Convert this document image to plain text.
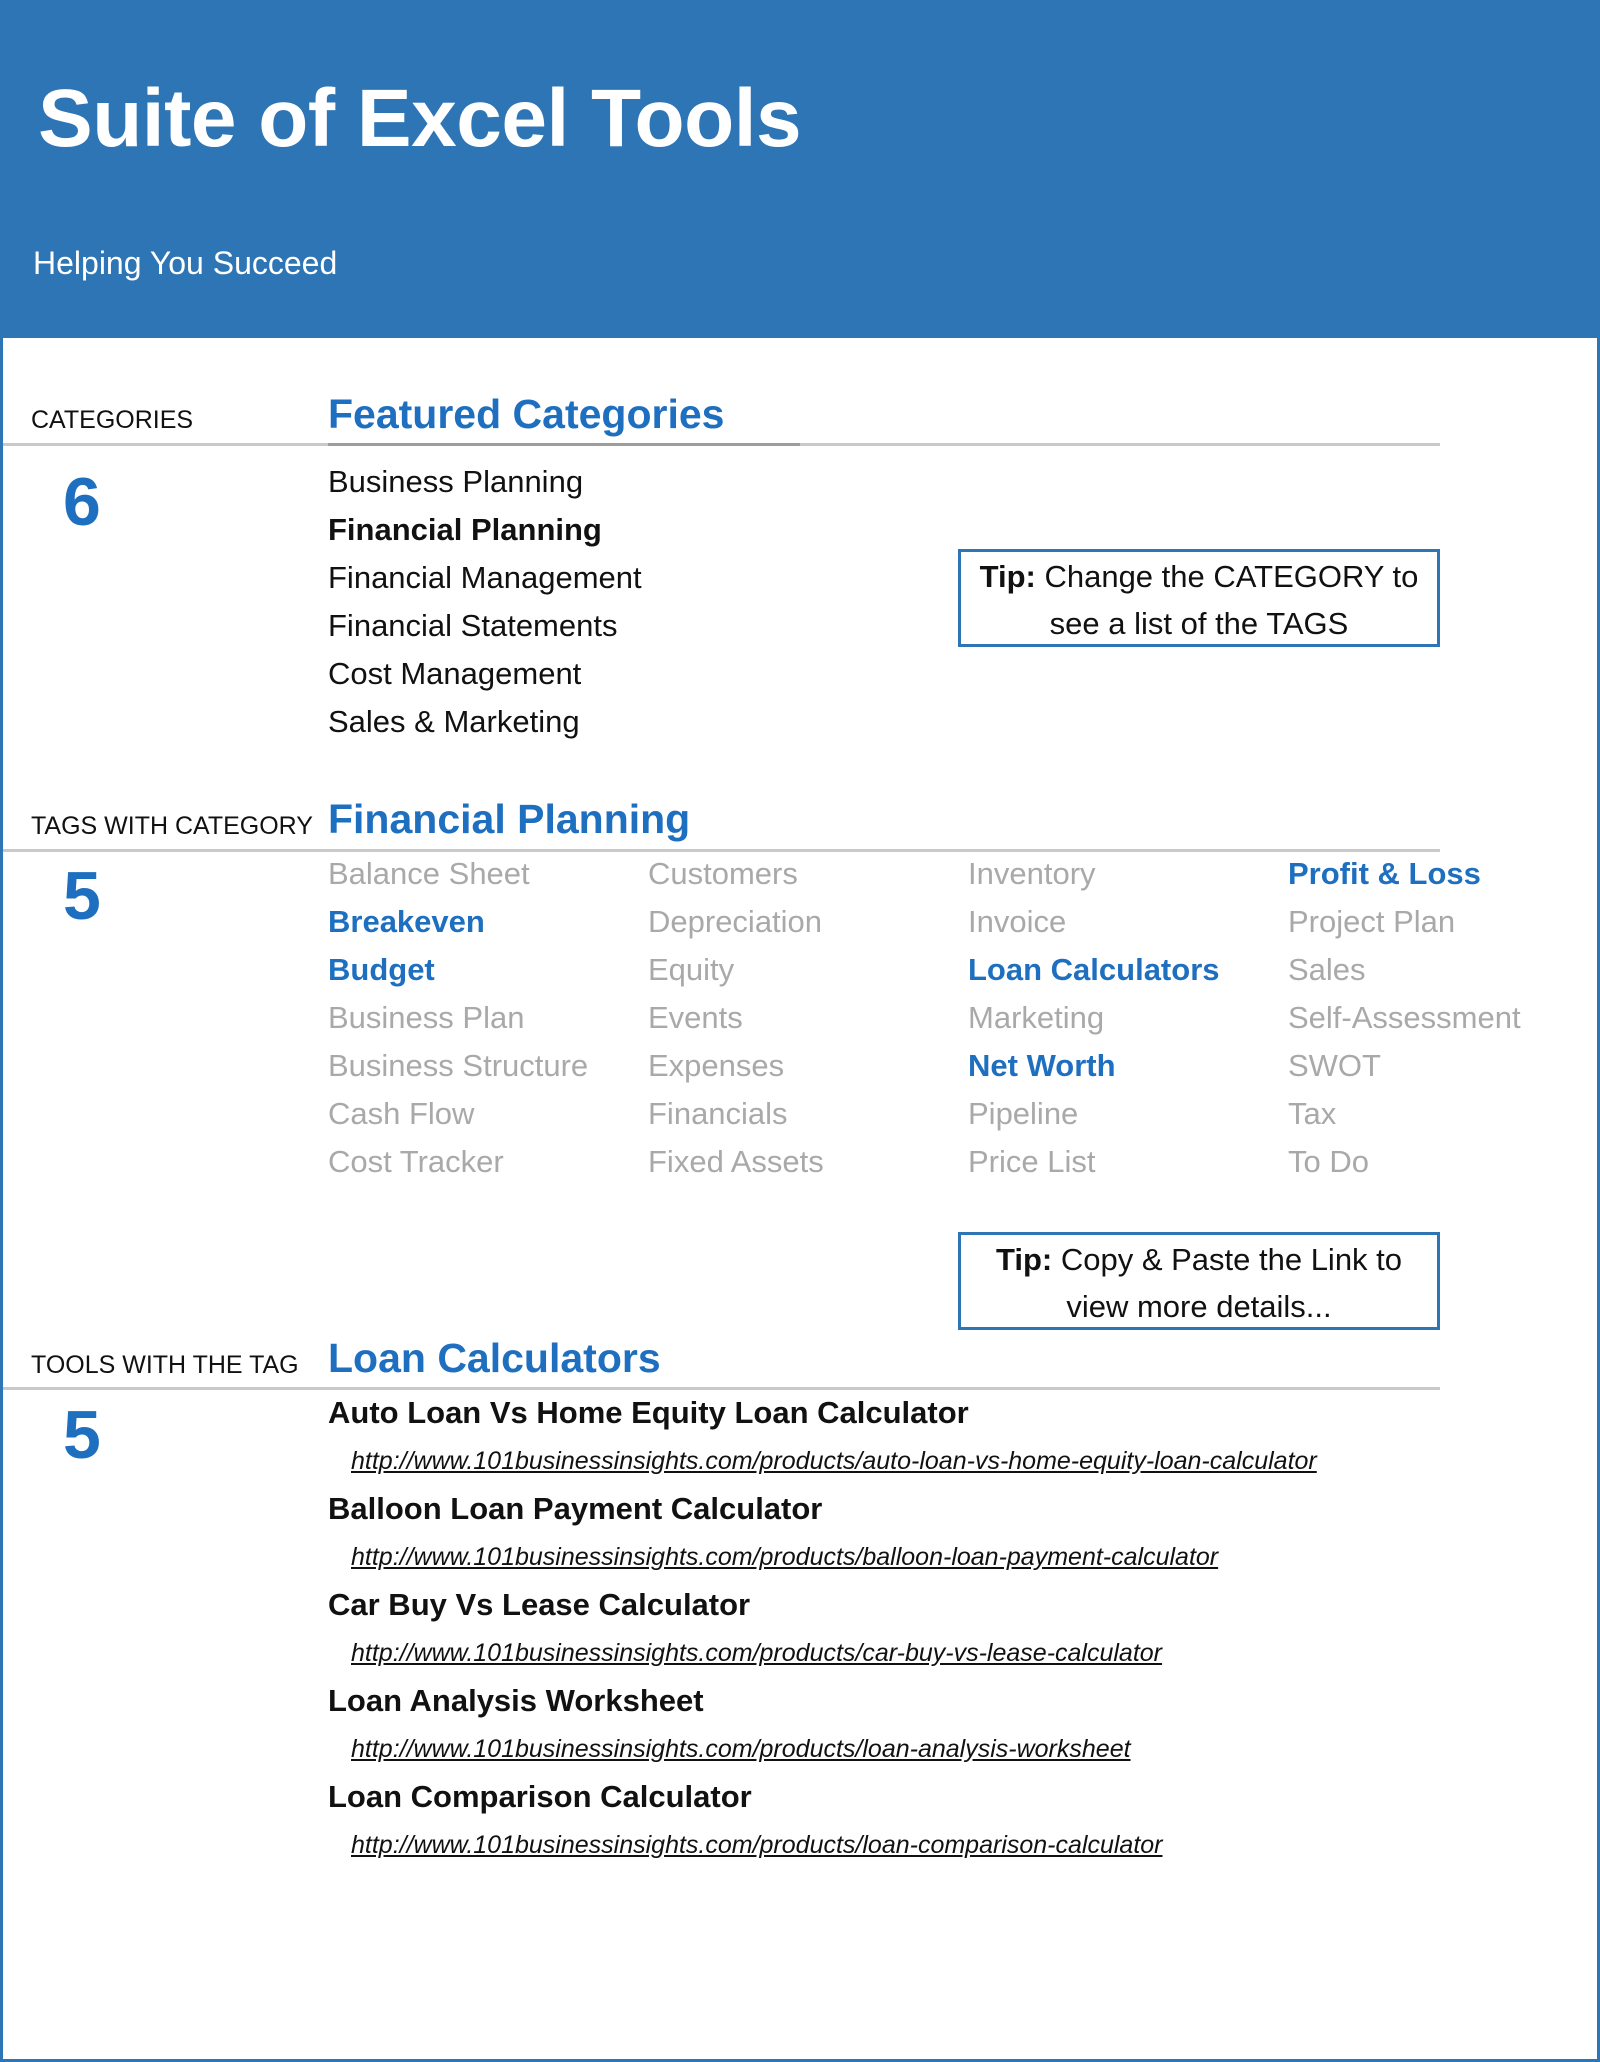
Suite of Excel Tools
Helping You Succeed
CATEGORIES	Featured Categories
6	Business Planning
Financial Planning
Financial Management
Financial Statements
Cost Management
Sales & Marketing
Tip: Change the CATEGORY to
see a list of the TAGS
TAGS WITH CATEGORY Financial Planning
5	Balance Sheet	Customers	Inventory	Profit & Loss
Breakeven	Depreciation	Invoice	Project Plan
Budget	Equity	Loan Calculators	Sales
Business Plan	Events	Marketing	Self-Assessment
Business Structure	Expenses	Net Worth	SWOT
Cash Flow	Financials	Pipeline	Tax
Cost Tracker	Fixed Assets	Price List	To Do
Tip: Copy & Paste the Link to
view more details...
TOOLS WITH THE TAG Loan Calculators
5	Auto Loan Vs Home Equity Loan Calculator
http://www.101businessinsights.com/products/auto-loan-vs-home-equity-loan-calculator
Balloon Loan Payment Calculator
http://www.101businessinsights.com/products/balloon-loan-payment-calculator
Car Buy Vs Lease Calculator
http://www.101businessinsights.com/products/car-buy-vs-lease-calculator
Loan Analysis Worksheet
http://www.101businessinsights.com/products/loan-analysis-worksheet
Loan Comparison Calculator
http://www.101businessinsights.com/products/loan-comparison-calculator
